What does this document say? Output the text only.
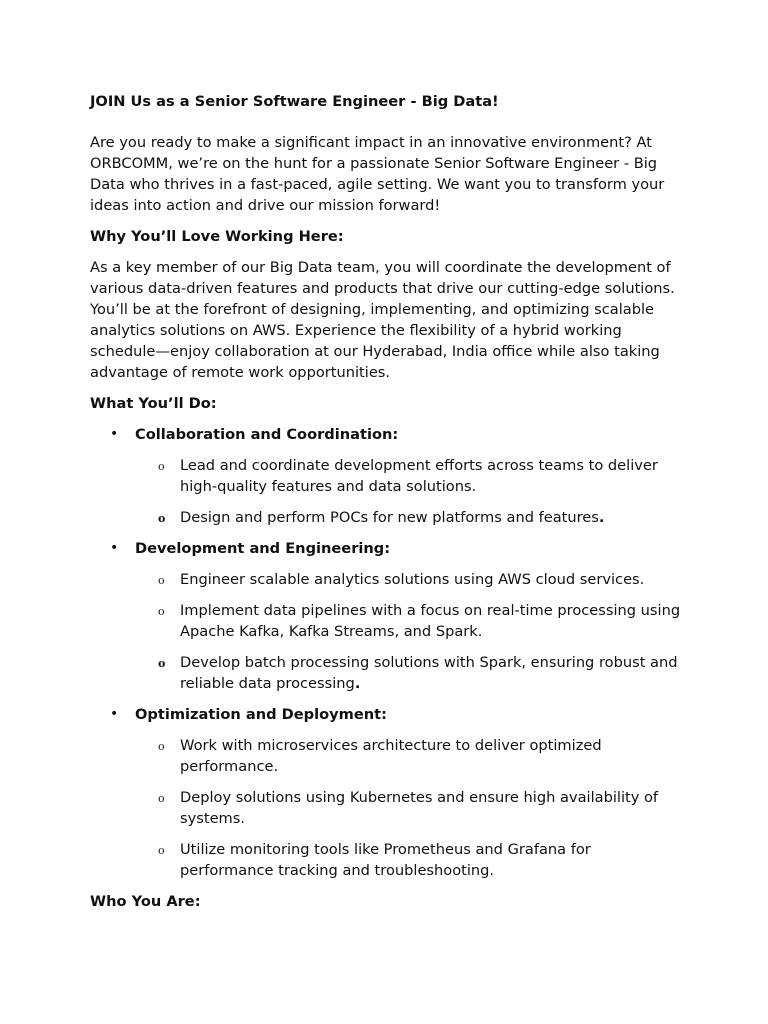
JOIN Us as a Senior Software Engineer - Big Data!

Are you ready to make a significant impact in an innovative environment? At ORBCOMM, we’re on the hunt for a passionate Senior Software Engineer - Big Data who thrives in a fast-paced, agile setting. We want you to transform your ideas into action and drive our mission forward!

Why You’ll Love Working Here:

As a key member of our Big Data team, you will coordinate the development of various data-driven features and products that drive our cutting-edge solutions. You’ll be at the forefront of designing, implementing, and optimizing scalable analytics solutions on AWS. Experience the flexibility of a hybrid working schedule—enjoy collaboration at our Hyderabad, India office while also taking advantage of remote work opportunities.

What You’ll Do:
• Collaboration and Coordination:
o Lead and coordinate development efforts across teams to deliver high-quality features and data solutions.
o Design and perform POCs for new platforms and features.
• Development and Engineering:
o Engineer scalable analytics solutions using AWS cloud services.
o Implement data pipelines with a focus on real-time processing using Apache Kafka, Kafka Streams, and Spark.
o Develop batch processing solutions with Spark, ensuring robust and reliable data processing.
• Optimization and Deployment:
o Work with microservices architecture to deliver optimized performance.
o Deploy solutions using Kubernetes and ensure high availability of systems.
o Utilize monitoring tools like Prometheus and Grafana for performance tracking and troubleshooting.
Who You Are:
